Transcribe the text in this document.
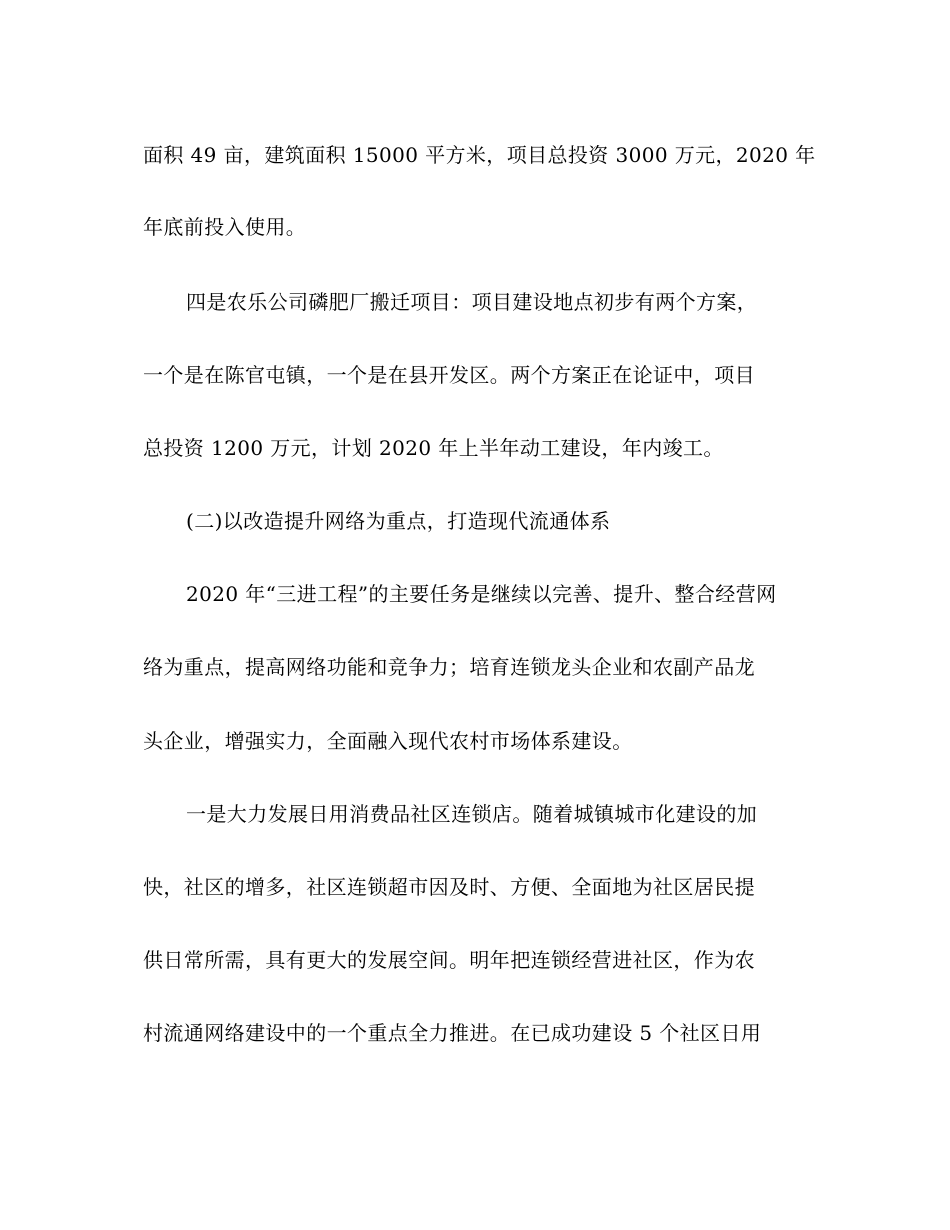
面积 49 亩，建筑面积 15000 平方米，项目总投资 3000 万元，2020 年
年底前投入使用。
四是农乐公司磷肥厂搬迁项目：项目建设地点初步有两个方案，
一个是在陈官屯镇，一个是在县开发区。两个方案正在论证中，项目
总投资 1200 万元，计划 2020 年上半年动工建设，年内竣工。
(二)以改造提升网络为重点，打造现代流通体系
2020 年“三进工程”的主要任务是继续以完善、提升、整合经营网
络为重点，提高网络功能和竞争力；培育连锁龙头企业和农副产品龙
头企业，增强实力，全面融入现代农村市场体系建设。
一是大力发展日用消费品社区连锁店。随着城镇城市化建设的加
快，社区的增多，社区连锁超市因及时、方便、全面地为社区居民提
供日常所需，具有更大的发展空间。明年把连锁经营进社区，作为农
村流通网络建设中的一个重点全力推进。在已成功建设 5 个社区日用
